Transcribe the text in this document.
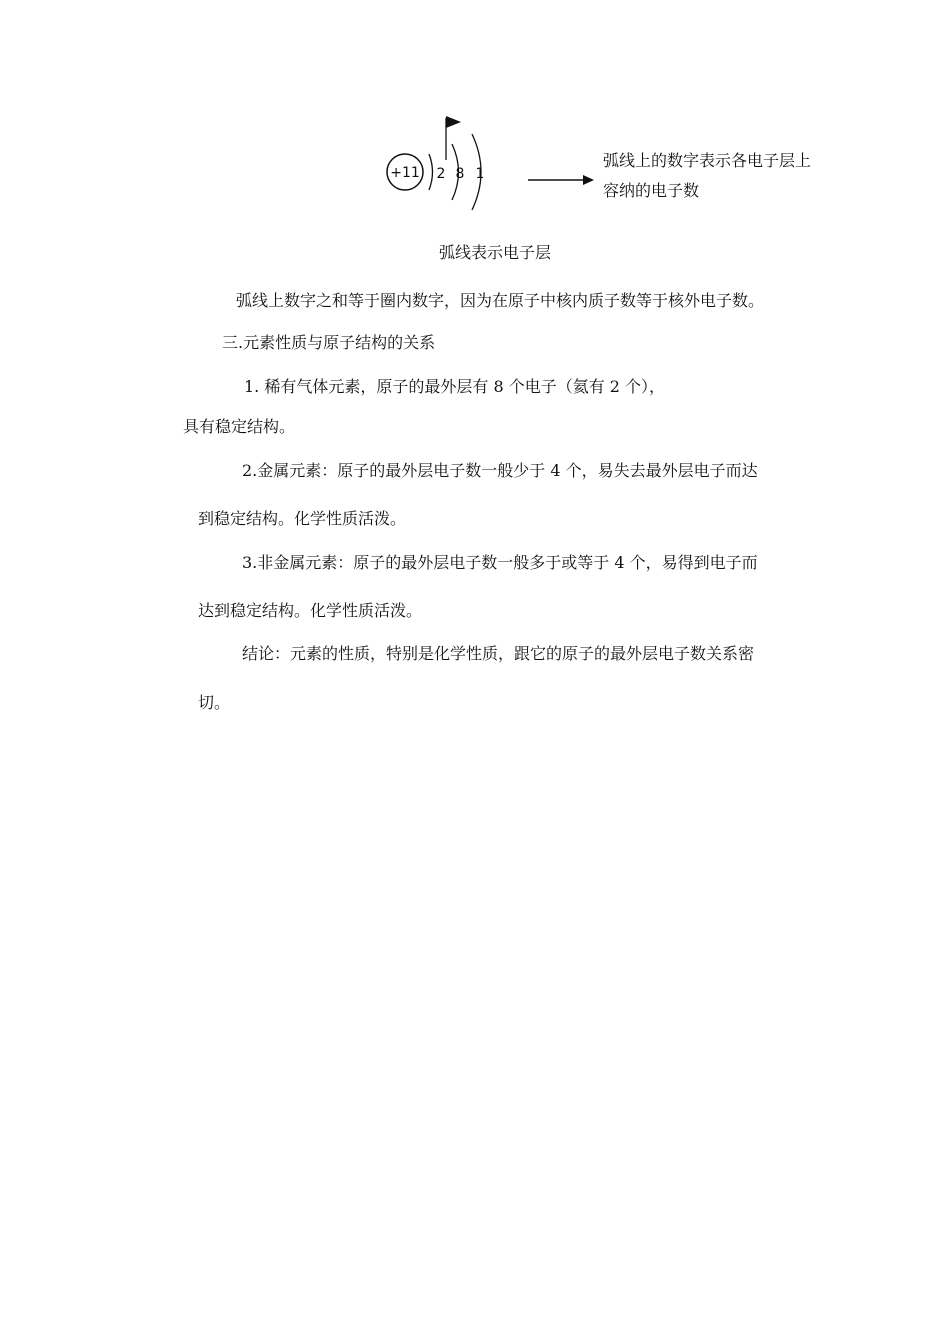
+11 2 8 1
弧线上的数字表示各电子层上容纳的电子数
弧线表示电子层
弧线上数字之和等于圈内数字，因为在原子中核内质子数等于核外电子数。
三.元素性质与原子结构的关系
1. 稀有气体元素，原子的最外层有 8 个电子（氦有 2 个），
具有稳定结构。
2.金属元素：原子的最外层电子数一般少于 4 个，易失去最外层电子而达
到稳定结构。化学性质活泼。
3.非金属元素：原子的最外层电子数一般多于或等于 4 个，易得到电子而
达到稳定结构。化学性质活泼。
结论：元素的性质，特别是化学性质，跟它的原子的最外层电子数关系密
切。
